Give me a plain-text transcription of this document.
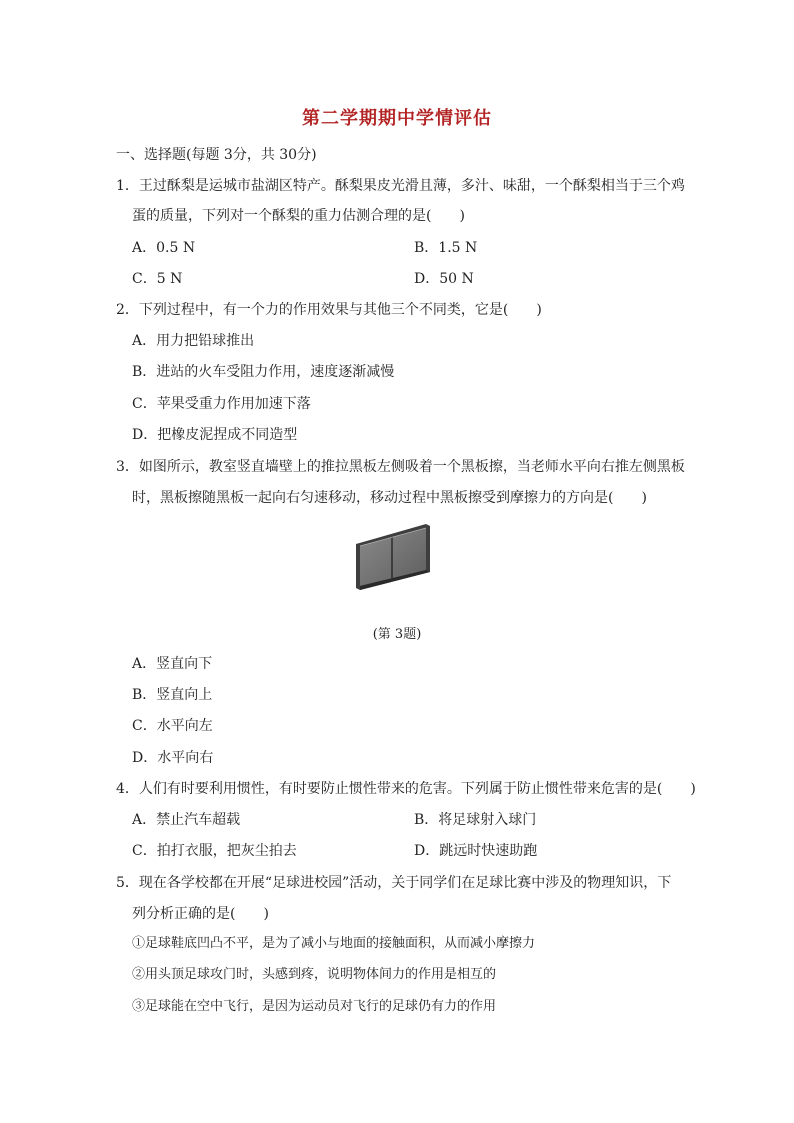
第二学期期中学情评估
一、选择题(每题 3分，共 30分)
1．王过酥梨是运城市盐湖区特产。酥梨果皮光滑且薄，多汁、味甜，一个酥梨相当于三个鸡
蛋的质量，下列对一个酥梨的重力估测合理的是(　　)
A．0.5 N	B．1.5 N
C．5 N	D．50 N
2．下列过程中，有一个力的作用效果与其他三个不同类，它是(　　)
A．用力把铅球推出
B．进站的火车受阻力作用，速度逐渐减慢
C．苹果受重力作用加速下落
D．把橡皮泥捏成不同造型
3．如图所示，教室竖直墙壁上的推拉黑板左侧吸着一个黑板擦，当老师水平向右推左侧黑板
时，黑板擦随黑板一起向右匀速移动，移动过程中黑板擦受到摩擦力的方向是(　　)
(第 3题)
A．竖直向下
B．竖直向上
C．水平向左
D．水平向右
4．人们有时要利用惯性，有时要防止惯性带来的危害。下列属于防止惯性带来危害的是(　　)
A．禁止汽车超载	B．将足球射入球门
C．拍打衣服，把灰尘拍去	D．跳远时快速助跑
5．现在各学校都在开展“足球进校园”活动，关于同学们在足球比赛中涉及的物理知识，下
列分析正确的是(　　)
①足球鞋底凹凸不平，是为了减小与地面的接触面积，从而减小摩擦力
②用头顶足球攻门时，头感到疼，说明物体间力的作用是相互的
③足球能在空中飞行，是因为运动员对飞行的足球仍有力的作用
